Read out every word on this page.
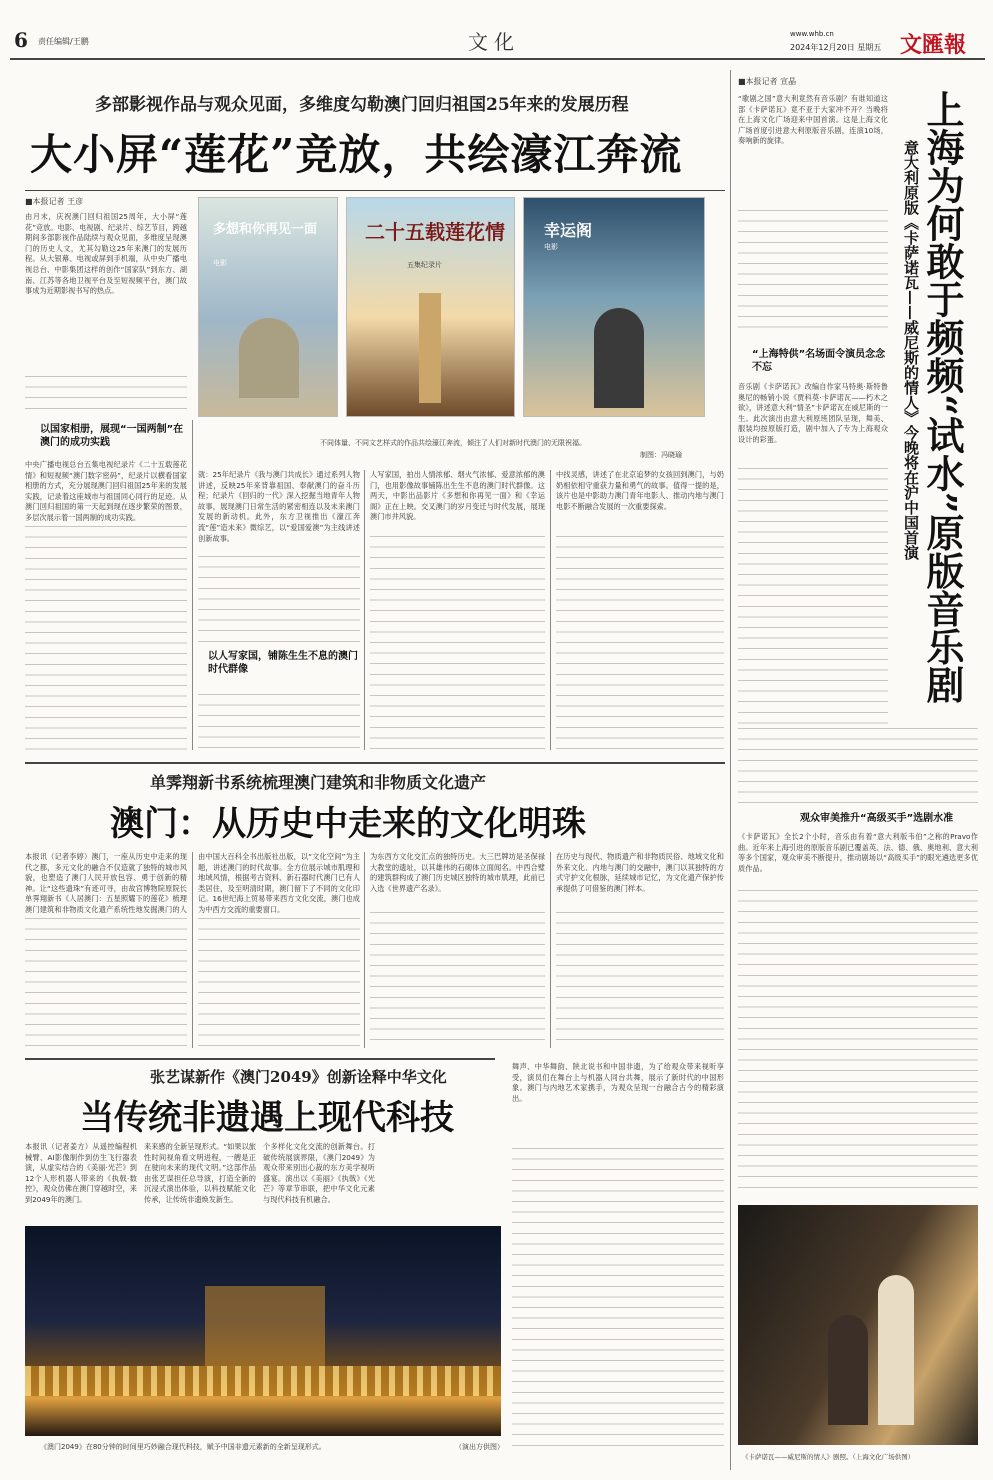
6 责任编辑/王鹏	文化	www.whb.cn
2024年12月20日 星期五 文匯報
多部影视作品与观众见面，多维度勾勒澳门回归祖国25年来的发展历程
大小屏“莲花”竞放，共绘濠江奔流
■本报记者 王彦
由月末，庆祝澳门回归祖国25周年，大小屏“莲花”竞放。电影、电视剧、纪录片、综艺节目，跨越期间多部影视作品陆续与观众见面，多维度呈现澳门的历史人文，尤其勾勒这25年来澳门的发展历程。从大银幕、电视或屏到手机端，从中央广播电视总台、中影集团这样的创作“国家队”到东方、湖南、江苏等各地卫视平台及至短视频平台，澳门故事成为近期影视书写的热点。
以国家相册，展现“一国两制”在澳门的成功实践
中央广播电视总台五集电视纪录片《二十五载莲花情》和短视频“澳门数字密码”，纪录片以横看国家相册的方式，充分展现澳门回归祖国25年来的发展实践，记录着这座城市与祖国同心同行的足迹。从澳门回归祖国的第一天起到现在逐步繁荣的图景，多层次展示着一国两制的成功实践。
多想和你再见一面
电影
二十五载莲花情
五集纪录片
幸运阁
电影
不同体量、不同文艺样式的作品共绘濠江奔流，倾注了人们对新时代澳门的无限祝福。
制图：冯晓瑜
就：25年纪录片《我与澳门共成长》通过系列人物讲述，反映25年来背靠祖国、奉献澳门的奋斗历程；纪录片《回归的一代》深入挖掘当地青年人物故事，展现澳门日常生活的紧密相连以及未来澳门发展的新动机。此外，东方卫视推出《濠江奔流“莲”造未来》微综艺，以“爱国爱澳”为主线讲述创新故事。
以人写家国，铺陈生生不息的澳门时代群像
人写家国，拍出人情浓郁、烟火气浓郁、爱意浓郁的澳门，也用影像故事铺陈出生生不息的澳门时代群像。这两天，中影出品影片《多想和你再见一面》和《幸运阁》正在上映。交叉澳门的岁月变迁与时代发展，展现澳门市井风貌。
中找灵感，讲述了在北京追梦的女孩回到澳门，与奶奶相依相守重获力量和勇气的故事。值得一提的是，该片也是中影助力澳门青年电影人、推动内地与澳门电影不断融合发展的一次重要探索。
单霁翔新书系统梳理澳门建筑和非物质文化遗产
澳门：从历史中走来的文化明珠
本报讯（记者李婷）澳门，一座从历史中走来的现代之都，多元文化的融合不仅造就了独特的城市风貌，也塑造了澳门人民开放包容、勇于创新的精神。让“这些遗珠”有迹可寻，由故宫博物院原院长单霁翔新书《人居澳门：五星照耀下的莲花》梳理澳门建筑和非物质文化遗产系统性地发掘澳门的人
由中国大百科全书出版社出版，以“文化空间”为主题，讲述澳门的时代故事。全方位展示城市肌理和地域风情，根据考古资料、新石器时代澳门已有人类居住，及至明清时期，澳门留下了不同的文化印记。16世纪海上贸易带来西方文化交流，澳门也成为中西方交流的重要窗口。
为东西方文化交汇点的独特历史。大三巴牌坊是圣保禄大教堂的遗址，以其雄伟的石砌体立面闻名。中西合璧的建筑群构成了澳门历史城区独特的城市肌理，此前已入选《世界遗产名录》。
在历史与现代、物质遗产和非物质民俗、地域文化和外来文化、内地与澳门的交融中，澳门以其独特的方式守护文化根脉，延续城市记忆，为文化遗产保护传承提供了可借鉴的澳门样本。
张艺谋新作《澳门2049》创新诠释中华文化
当传统非遗遇上现代科技
本报讯（记者姜方）从遥控编程机械臂、AI影像制作到仿生飞行器表演，从虚实结合的《美丽·光芒》到12个人形机器人带来的《执戟·数控》，观众仿佛在澳门穿越时空，来到2049年的澳门。
来来感的全新呈现形式。“如果以旅性时间视角看文明进程，一艘是正在驶向未来的现代文明。”这部作品由张艺谋担任总导演，打造全新的沉浸式演出体验，以科技赋能文化传承，让传统非遗焕发新生。
个多样化文化交流的创新舞台。打破传统展演界限，《澳门2049》为观众带来别出心裁的东方美学视听盛宴。演出以《美丽》《执戟》《光芒》等章节串联，把中华文化元素与现代科技有机融合。
舞声、中华舞韵、陕北说书和中国非遗，为了给观众带来视听享受，演员们在舞台上与机器人同台共舞，展示了新时代的中国形象。澳门与内地艺术家携手，为观众呈现一台融合古今的精彩演出。
《澳门2049》在80分钟的时间里巧妙融合现代科技，赋予中国非遗元素新的全新呈现形式。	（演出方供图）
■本报记者 宣晶
上海为何敢于频频“试水”原版音乐剧
意大利原版《卡萨诺瓦——威尼斯的情人》今晚将在沪中国首演
“歌剧之国”意大利竟然有音乐剧？有谁知道这部《卡萨诺瓦》竟不亚于大家冲不开？当晚将在上海文化广场迎来中国首演。这是上海文化广场首度引进意大利原版音乐剧，连演10场，奏响新的旋律。
“上海特供”名场面令演员念念不忘
音乐剧《卡萨诺瓦》改编自作家马特奥·斯特鲁奥尼的畅销小说《贾科莫·卡萨诺瓦——朽木之欲》，讲述意大利“情圣”卡萨诺瓦在威尼斯的一生。此次演出由意大利原班团队呈现，舞美、服装均按原版打造，剧中加入了专为上海观众设计的彩蛋。
观众审美推升“高级买手”选剧水准
《卡萨诺瓦》全长2个小时，音乐由有着“意大利版韦伯”之称的Pravo作曲。近年来上海引进的原版音乐剧已覆盖英、法、德、俄、奥地利、意大利等多个国家，观众审美不断提升，推动剧场以“高级买手”的眼光遴选更多优质作品。
《卡萨诺瓦——威尼斯的情人》剧照。（上海文化广场供图）
